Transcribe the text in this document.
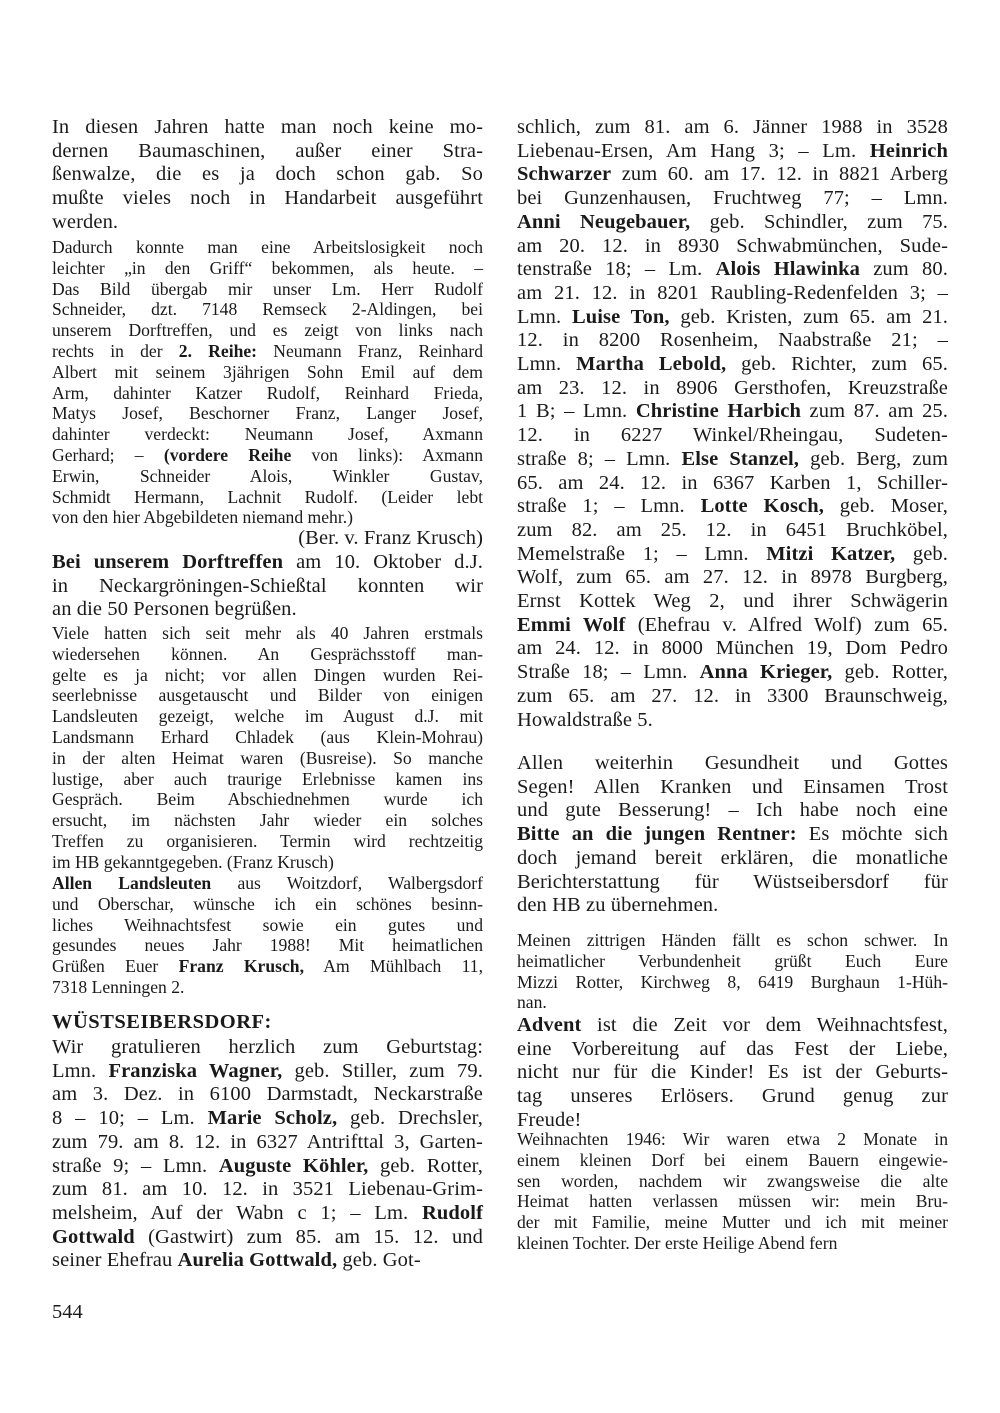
In diesen Jahren hatte man noch keine mo-
dernen Baumaschinen, außer einer Stra-
ßenwalze, die es ja doch schon gab. So
mußte vieles noch in Handarbeit ausgeführt
werden.
Dadurch konnte man eine Arbeitslosigkeit noch
leichter „in den Griff“ bekommen, als heute. –
Das Bild übergab mir unser Lm. Herr Rudolf
Schneider, dzt. 7148 Remseck 2-Aldingen, bei
unserem Dorftreffen, und es zeigt von links nach
rechts in der 2. Reihe: Neumann Franz, Reinhard
Albert mit seinem 3jährigen Sohn Emil auf dem
Arm, dahinter Katzer Rudolf, Reinhard Frieda,
Matys Josef, Beschorner Franz, Langer Josef,
dahinter verdeckt: Neumann Josef, Axmann
Gerhard; – (vordere Reihe von links): Axmann
Erwin, Schneider Alois, Winkler Gustav,
Schmidt Hermann, Lachnit Rudolf. (Leider lebt
von den hier Abgebildeten niemand mehr.)
(Ber. v. Franz Krusch)
Bei unserem Dorftreffen am 10. Oktober d.J.
in Neckargröningen-Schießtal konnten wir
an die 50 Personen begrüßen.
Viele hatten sich seit mehr als 40 Jahren erstmals
wiedersehen können. An Gesprächsstoff man-
gelte es ja nicht; vor allen Dingen wurden Rei-
seerlebnisse ausgetauscht und Bilder von einigen
Landsleuten gezeigt, welche im August d.J. mit
Landsmann Erhard Chladek (aus Klein-Mohrau)
in der alten Heimat waren (Busreise). So manche
lustige, aber auch traurige Erlebnisse kamen ins
Gespräch. Beim Abschiednehmen wurde ich
ersucht, im nächsten Jahr wieder ein solches
Treffen zu organisieren. Termin wird rechtzeitig
im HB gekanntgegeben. (Franz Krusch)
Allen Landsleuten aus Woitzdorf, Walbergsdorf
und Oberschar, wünsche ich ein schönes besinn-
liches Weihnachtsfest sowie ein gutes und
gesundes neues Jahr 1988! Mit heimatlichen
Grüßen Euer Franz Krusch, Am Mühlbach 11,
7318 Lenningen 2.
WÜSTSEIBERSDORF:
Wir gratulieren herzlich zum Geburtstag:
Lmn. Franziska Wagner, geb. Stiller, zum 79.
am 3. Dez. in 6100 Darmstadt, Neckarstraße
8 – 10; – Lm. Marie Scholz, geb. Drechsler,
zum 79. am 8. 12. in 6327 Antrifttal 3, Garten-
straße 9; – Lmn. Auguste Köhler, geb. Rotter,
zum 81. am 10. 12. in 3521 Liebenau-Grim-
melsheim, Auf der Wabn c 1; – Lm. Rudolf
Gottwald (Gastwirt) zum 85. am 15. 12. und
seiner Ehefrau Aurelia Gottwald, geb. Got-
544
schlich, zum 81. am 6. Jänner 1988 in 3528
Liebenau-Ersen, Am Hang 3; – Lm. Heinrich
Schwarzer zum 60. am 17. 12. in 8821 Arberg
bei Gunzenhausen, Fruchtweg 77; – Lmn.
Anni Neugebauer, geb. Schindler, zum 75.
am 20. 12. in 8930 Schwabmünchen, Sude-
tenstraße 18; – Lm. Alois Hlawinka zum 80.
am 21. 12. in 8201 Raubling-Redenfelden 3; –
Lmn. Luise Ton, geb. Kristen, zum 65. am 21.
12. in 8200 Rosenheim, Naabstraße 21; –
Lmn. Martha Lebold, geb. Richter, zum 65.
am 23. 12. in 8906 Gersthofen, Kreuzstraße
1 B; – Lmn. Christine Harbich zum 87. am 25.
12. in 6227 Winkel/Rheingau, Sudeten-
straße 8; – Lmn. Else Stanzel, geb. Berg, zum
65. am 24. 12. in 6367 Karben 1, Schiller-
straße 1; – Lmn. Lotte Kosch, geb. Moser,
zum 82. am 25. 12. in 6451 Bruchköbel,
Memelstraße 1; – Lmn. Mitzi Katzer, geb.
Wolf, zum 65. am 27. 12. in 8978 Burgberg,
Ernst Kottek Weg 2, und ihrer Schwägerin
Emmi Wolf (Ehefrau v. Alfred Wolf) zum 65.
am 24. 12. in 8000 München 19, Dom Pedro
Straße 18; – Lmn. Anna Krieger, geb. Rotter,
zum 65. am 27. 12. in 3300 Braunschweig,
Howaldstraße 5.
Allen weiterhin Gesundheit und Gottes
Segen! Allen Kranken und Einsamen Trost
und gute Besserung! – Ich habe noch eine
Bitte an die jungen Rentner: Es möchte sich
doch jemand bereit erklären, die monatliche
Berichterstattung für Wüstseibersdorf für
den HB zu übernehmen.
Meinen zittrigen Händen fällt es schon schwer. In
heimatlicher Verbundenheit grüßt Euch Eure
Mizzi Rotter, Kirchweg 8, 6419 Burghaun 1-Hüh-
nan.
Advent ist die Zeit vor dem Weihnachtsfest,
eine Vorbereitung auf das Fest der Liebe,
nicht nur für die Kinder! Es ist der Geburts-
tag unseres Erlösers. Grund genug zur
Freude!
Weihnachten 1946: Wir waren etwa 2 Monate in
einem kleinen Dorf bei einem Bauern eingewie-
sen worden, nachdem wir zwangsweise die alte
Heimat hatten verlassen müssen wir: mein Bru-
der mit Familie, meine Mutter und ich mit meiner
kleinen Tochter. Der erste Heilige Abend fern
